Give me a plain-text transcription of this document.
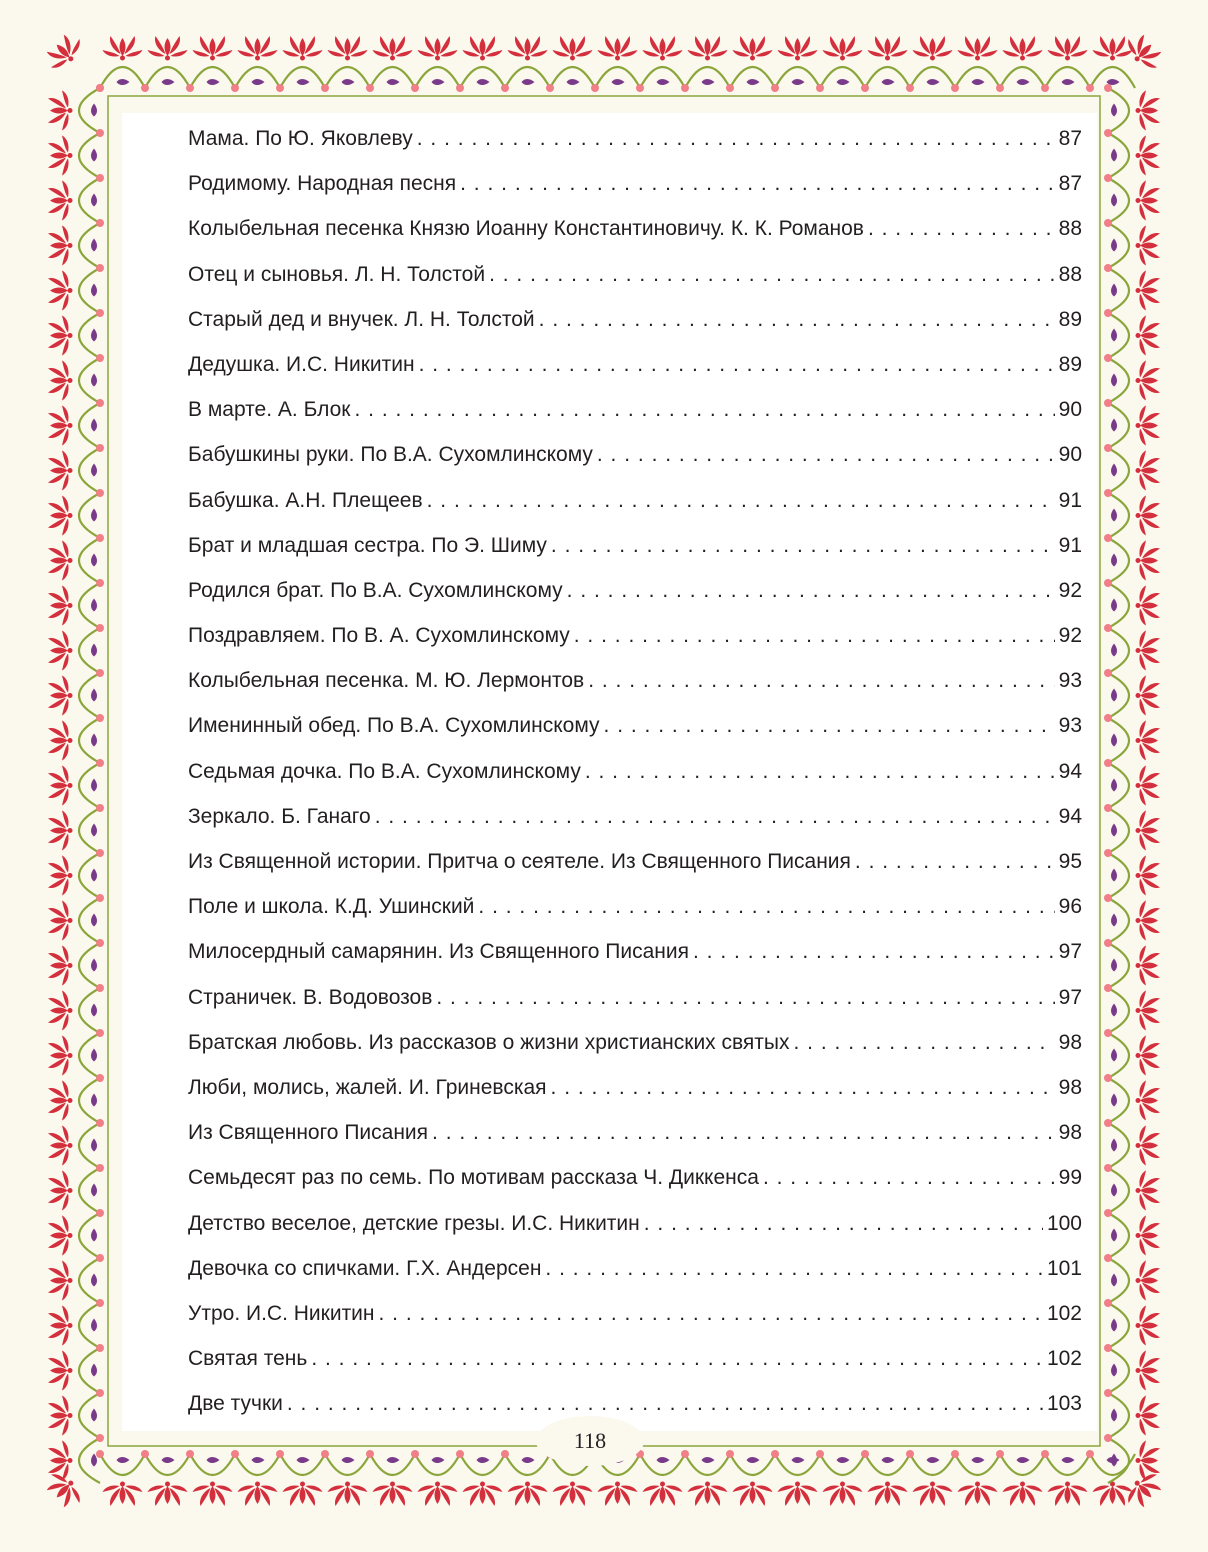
Мама. По Ю. Яковлеву . . .	87
Родимому. Народная песня . . .	87
Колыбельная песенка Князю Иоанну Константиновичу. К. К. Романов . . .	88
Отец и сыновья. Л. Н. Толстой . . .	88
Старый дед и внучек. Л. Н. Толстой . . .	89
Дедушка. И.С. Никитин . . .	89
В марте. А. Блок . . .	90
Бабушкины руки. По В.А. Сухомлинскому . . .	90
Бабушка. А.Н. Плещеев . . .	91
Брат и младшая сестра. По Э. Шиму . . .	91
Родился брат. По В.А. Сухомлинскому . . .	92
Поздравляем. По В. А. Сухомлинскому . . .	92
Колыбельная песенка. М. Ю. Лермонтов . . .	93
Именинный обед. По В.А. Сухомлинскому . . .	93
Седьмая дочка. По В.А. Сухомлинскому . . .	94
Зеркало. Б. Ганаго . . .	94
Из Священной истории. Притча о сеятеле. Из Священного Писания . . .	95
Поле и школа. К.Д. Ушинский . . .	96
Милосердный самарянин. Из Священного Писания . . .	97
Страничек. В. Водовозов . . .	97
Братская любовь. Из рассказов о жизни христианских святых . . .	98
Люби, молись, жалей. И. Гриневская . . .	98
Из Священного Писания . . .	98
Семьдесят раз по семь. По мотивам рассказа Ч. Диккенса . . .	99
Детство веселое, детские грезы. И.С. Никитин . . .	100
Девочка со спичками. Г.Х. Андерсен . . .	101
Утро. И.С. Никитин . . .	102
Святая тень . . .	102
Две тучки . . .	103
118
